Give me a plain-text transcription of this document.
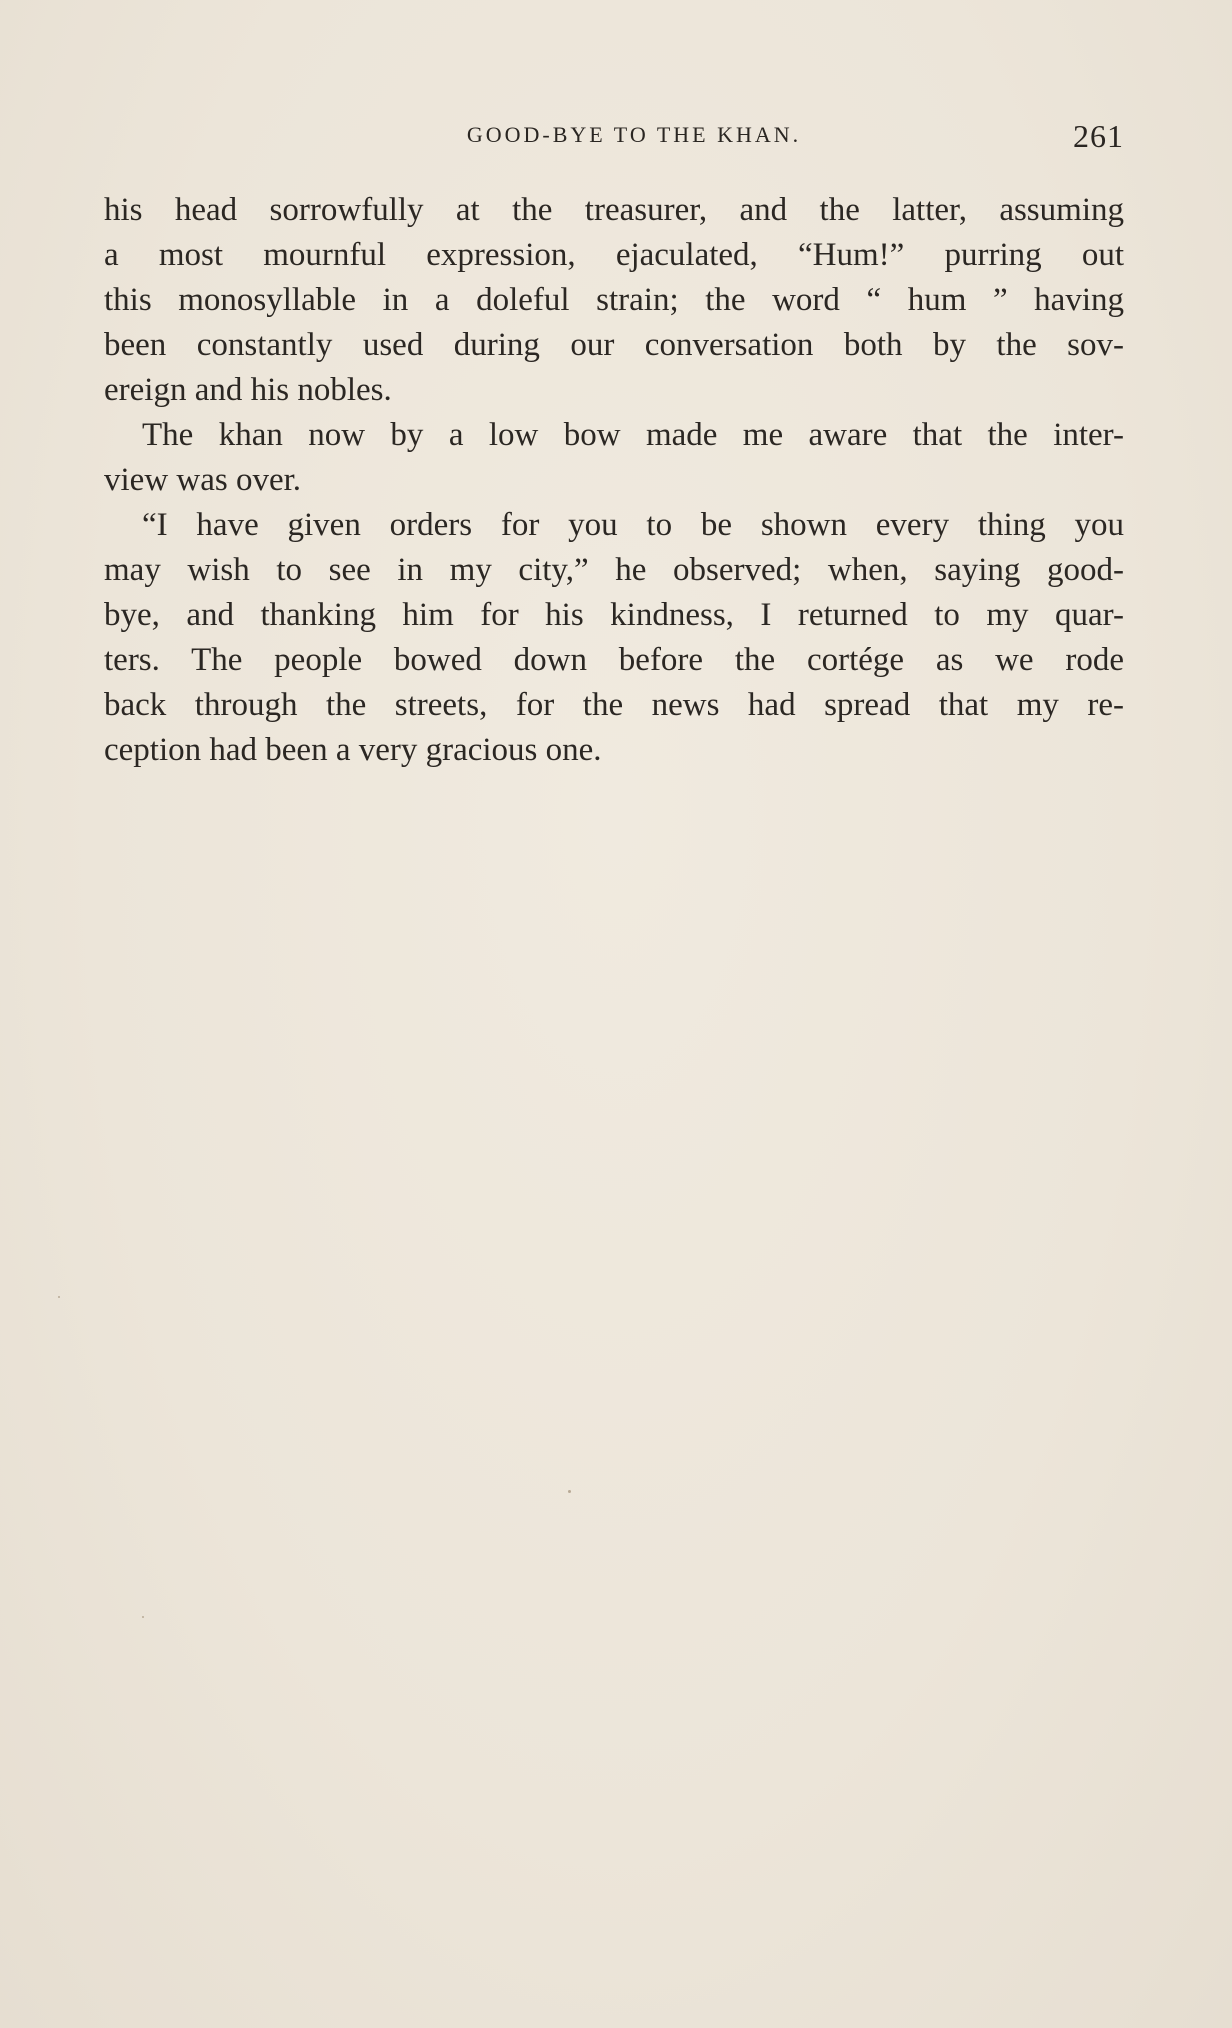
GOOD-BYE TO THE KHAN.	261
his head sorrowfully at the treasurer, and the latter, assuming
a most mournful expression, ejaculated, “Hum!” purring out
this monosyllable in a doleful strain; the word “ hum ” having
been constantly used during our conversation both by the sov-
ereign and his nobles.
The khan now by a low bow made me aware that the inter-
view was over.
“I have given orders for you to be shown every thing you
may wish to see in my city,” he observed; when, saying good-
bye, and thanking him for his kindness, I returned to my quar-
ters. The people bowed down before the cortége as we rode
back through the streets, for the news had spread that my re-
ception had been a very gracious one.
